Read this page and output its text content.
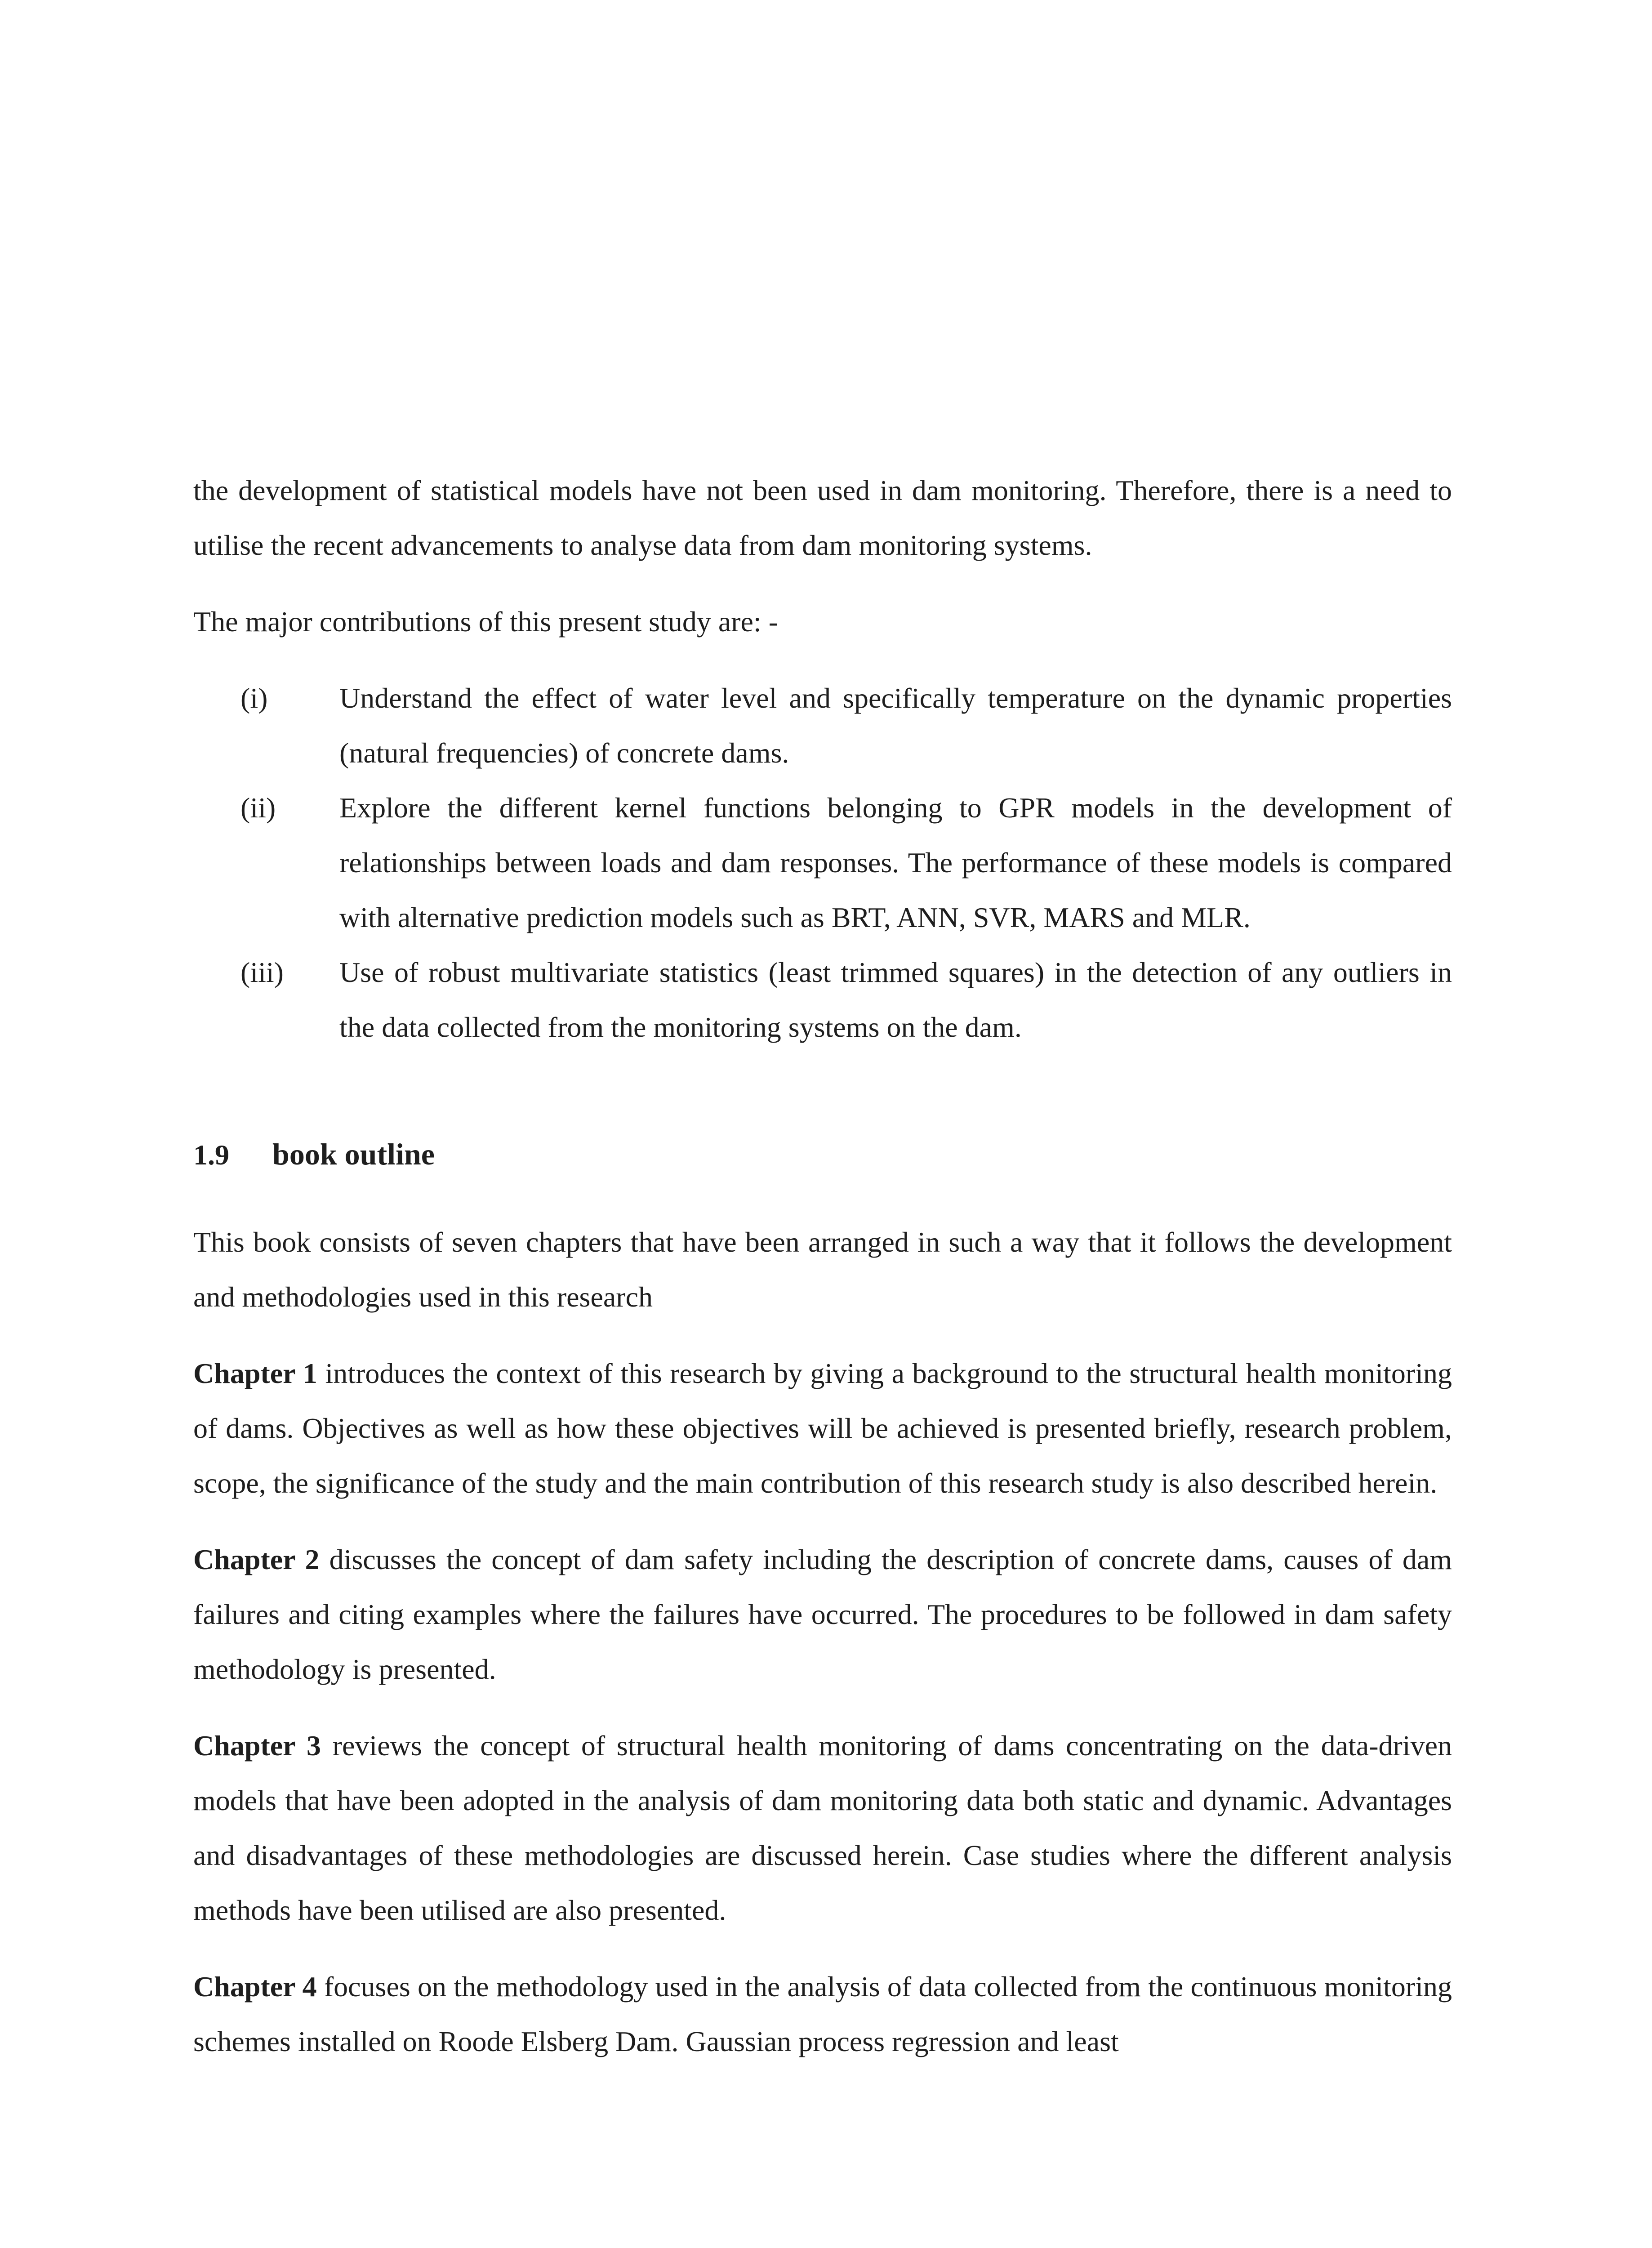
the development of statistical models have not been used in dam monitoring. Therefore, there is a need to utilise the recent advancements to analyse data from dam monitoring systems.

The major contributions of this present study are: -

(i) Understand the effect of water level and specifically temperature on the dynamic properties (natural frequencies) of concrete dams.
(ii) Explore the different kernel functions belonging to GPR models in the development of relationships between loads and dam responses. The performance of these models is compared with alternative prediction models such as BRT, ANN, SVR, MARS and MLR.
(iii) Use of robust multivariate statistics (least trimmed squares) in the detection of any outliers in the data collected from the monitoring systems on the dam.
1.9 book outline

This book consists of seven chapters that have been arranged in such a way that it follows the development and methodologies used in this research

Chapter 1 introduces the context of this research by giving a background to the structural health monitoring of dams. Objectives as well as how these objectives will be achieved is presented briefly, research problem, scope, the significance of the study and the main contribution of this research study is also described herein.

Chapter 2 discusses the concept of dam safety including the description of concrete dams, causes of dam failures and citing examples where the failures have occurred. The procedures to be followed in dam safety methodology is presented.

Chapter 3 reviews the concept of structural health monitoring of dams concentrating on the data-driven models that have been adopted in the analysis of dam monitoring data both static and dynamic. Advantages and disadvantages of these methodologies are discussed herein. Case studies where the different analysis methods have been utilised are also presented.

Chapter 4 focuses on the methodology used in the analysis of data collected from the continuous monitoring schemes installed on Roode Elsberg Dam. Gaussian process regression and least
